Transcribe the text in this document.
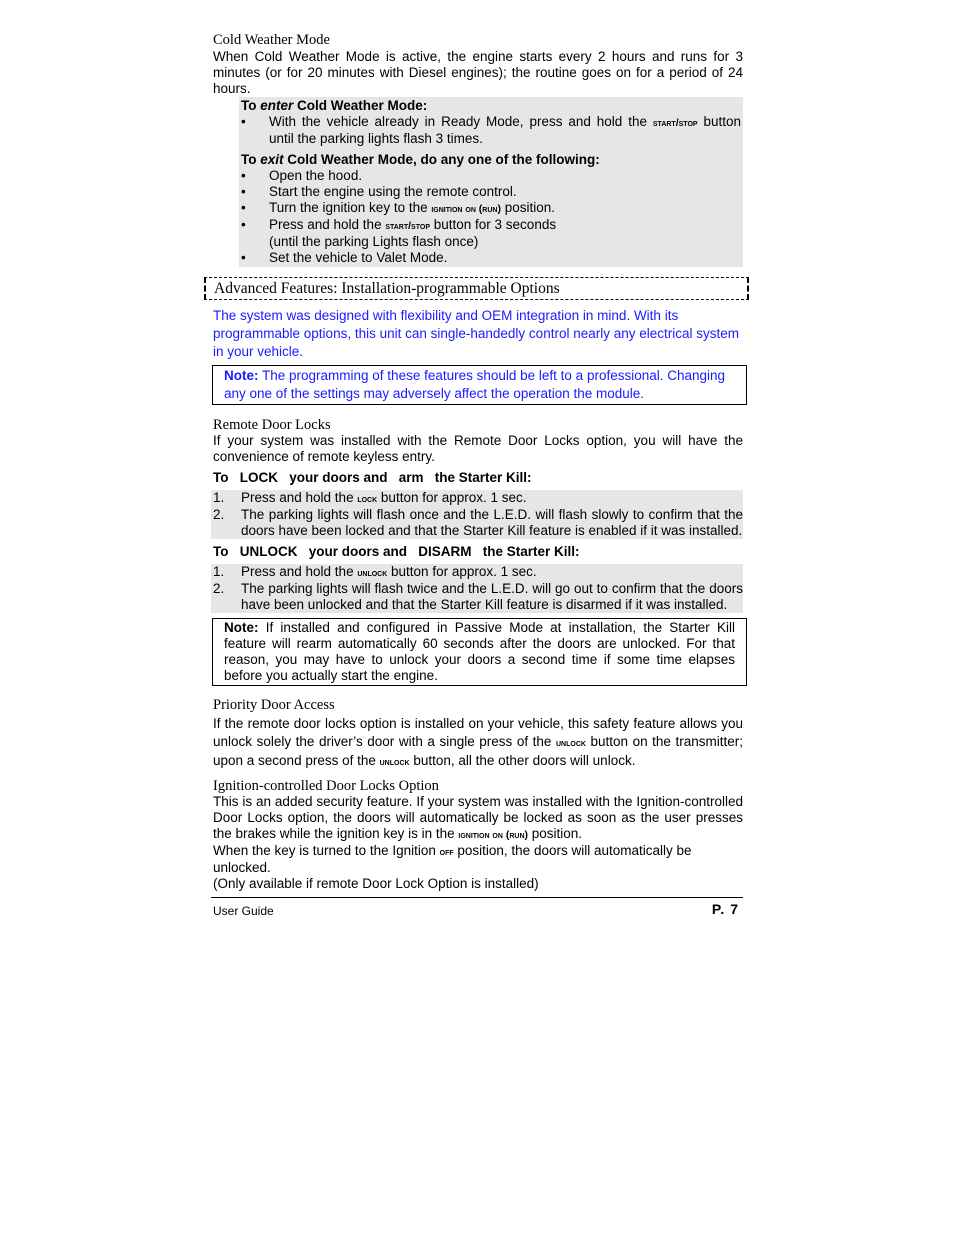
Cold Weather Mode

When Cold Weather Mode is active, the engine starts every 2 hours and runs for 3 minutes (or for 20 minutes with Diesel engines); the routine goes on for a period of 24 hours.

To enter Cold Weather Mode:

• With the vehicle already in Ready Mode, press and hold the start/stop button until the parking lights flash 3 times.

To exit Cold Weather Mode, do any one of the following:

• Open the hood.
• Start the engine using the remote control.
• Turn the ignition key to the ignition on (run) position.
• Press and hold the start/stop button for 3 seconds
(until the parking Lights flash once)
• Set the vehicle to Valet Mode.
Advanced Features: Installation-programmable Options

The system was designed with flexibility and OEM integration in mind. With its programmable options, this unit can single-handedly control nearly any electrical system in your vehicle.

Note: The programming of these features should be left to a professional. Changing any one of the settings may adversely affect the operation the module.

Remote Door Locks

If your system was installed with the Remote Door Locks option, you will have the convenience of remote keyless entry.

To   LOCK   your doors and   arm   the Starter Kill:

1. Press and hold the lock button for approx. 1 sec.
2. The parking lights will flash once and the L.E.D. will flash slowly to confirm that the doors have been locked and that the Starter Kill feature is enabled if it was installed.

To   UNLOCK   your doors and   DISARM   the Starter Kill:

1. Press and hold the unlock button for approx. 1 sec.
2. The parking lights will flash twice and the L.E.D. will go out to confirm that the doors have been unlocked and that the Starter Kill feature is disarmed if it was installed.
Note: If installed and configured in Passive Mode at installation, the Starter Kill feature will rearm automatically 60 seconds after the doors are unlocked. For that reason, you may have to unlock your doors a second time if some time elapses before you actually start the engine.

Priority Door Access

If the remote door locks option is installed on your vehicle, this safety feature allows you unlock solely the driver’s door with a single press of the unlock button on the transmitter; upon a second press of the unlock button, all the other doors will unlock.

Ignition-controlled Door Locks Option

This is an added security feature. If your system was installed with the Ignition-controlled Door Locks option, the doors will automatically be locked as soon as the user presses the brakes while the ignition key is in the ignition on (run) position.

When the key is turned to the Ignition off position, the doors will automatically be unlocked.

(Only available if remote Door Lock Option is installed)

User Guide	P. 7
